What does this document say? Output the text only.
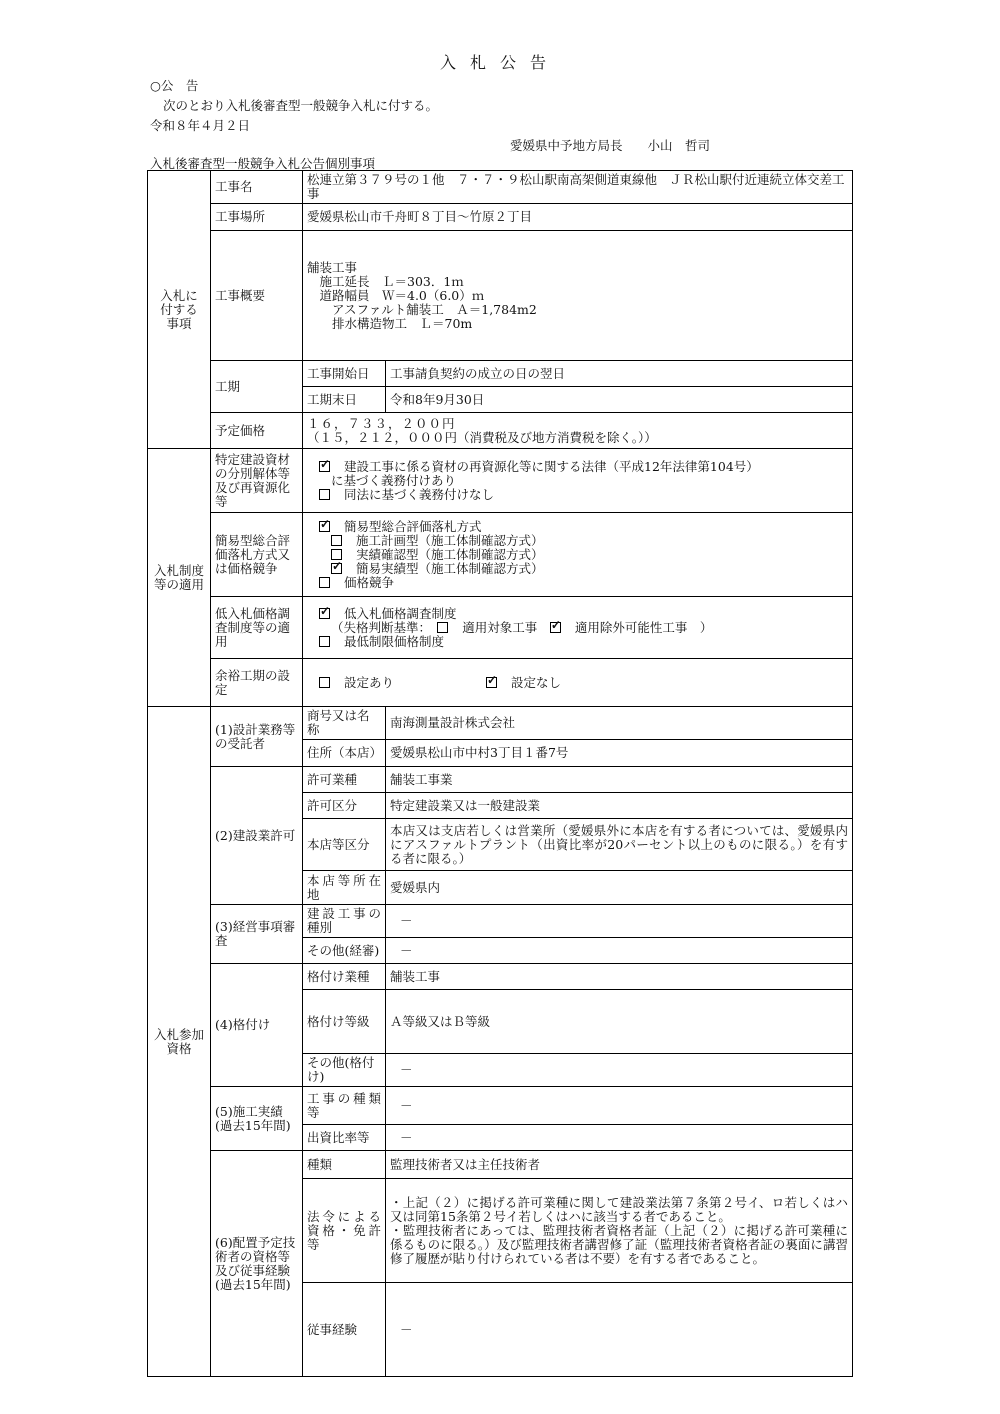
入札公告
○公　告
次のとおり入札後審査型一般競争入札に付する。
令和８年４月２日
愛媛県中予地方局長　　小山　哲司
入札後審査型一般競争入札公告個別事項
入札に
付する
事項	工事名	松連立第３７９号の１他　７・７・９松山駅南高架側道東線他　ＪＲ松山駅付近連続立体交差工事	
	工事場所	愛媛県松山市千舟町８丁目～竹原２丁目	
	工事概要	舗装工事
　施工延長　Ｌ＝303．1ｍ
　道路幅員　Ｗ＝4.0（6.0）ｍ
　　アスファルト舗装工　Ａ＝1,784m2
　　排水構造物工　Ｌ＝70m	

	工期	工事開始日	工事請負契約の成立の日の翌日
		工期末日	令和8年9月30日
	予定価格	１６，７３３，２００円
（１５，２１２，０００円（消費税及び地方消費税を除く。））	

入札制度
等の適用	特定建設資材の分別解体等及び再資源化等	
✓建設工事に係る資材の再資源化等に関する法律（平成12年法律第104号）
に基づく義務付けあり
同法に基づく義務付けなし

	簡易型総合評価落札方式又は価格競争	
✓簡易型総合評価落札方式
施工計画型（施工体制確認方式）
実績確認型（施工体制確認方式）
✓簡易実績型（施工体制確認方式）
価格競争

	低入札価格調査制度等の適用	
✓低入札価格調査制度
（失格判断基準：　 適用対象工事　 ✓ 適用除外可能性工事　）
最低制限価格制度

	余裕工期の設定	設定あり ✓ 設定なし
入札参加
資格	(1)設計業務等の受託者	商号又は名称	南海測量設計株式会社
		住所（本店）	愛媛県松山市中村3丁目１番7号
	(2)建設業許可	許可業種	舗装工事業
		許可区分	特定建設業又は一般建設業
		本店等区分	本店又は支店若しくは営業所（愛媛県外に本店を有する者については、愛媛県内にアスファルトプラント（出資比率が20パーセント以上のものに限る。）を有する者に限る。）
		本店等所在地	愛媛県内
	(3)経営事項審査	建設工事の種別	－
		その他(経審)	－
	(4)格付け	格付け業種	舗装工事
		格付け等級	Ａ等級又はＢ等級
		その他(格付け)	－
	(5)施工実績
(過去15年間)	工事の種類等	－
		出資比率等	－
	(6)配置予定技術者の資格等及び従事経験
(過去15年間)	種類	監理技術者又は主任技術者
		法令による資格・免許等	・上記（２）に掲げる許可業種に関して建設業法第７条第２号イ、ロ若しくはハ又は同第15条第２号イ若しくはハに該当する者であること。
・監理技術者にあっては、監理技術者資格者証（上記（２）に掲げる許可業種に係るものに限る。）及び監理技術者講習修了証（監理技術者資格者証の裏面に講習修了履歴が貼り付けられている者は不要）を有する者であること。

		従事経験	－
